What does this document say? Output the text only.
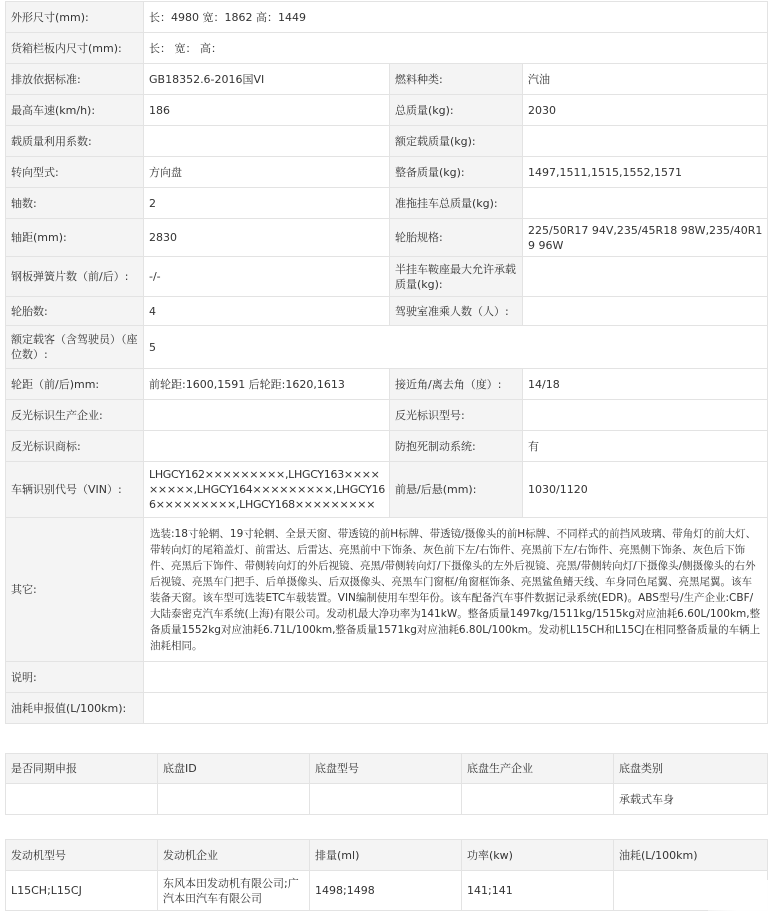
外形尺寸(mm):	长：4980 宽：1862 高：1449		
货箱栏板内尺寸(mm):	长： 宽： 高：		
排放依据标准:	GB18352.6-2016国VI	燃料种类:	汽油
最高车速(km/h):	186	总质量(kg):	2030
载质量利用系数:		额定载质量(kg):	
转向型式:	方向盘	整备质量(kg):	1497,1511,1515,1552,1571
轴数:	2	准拖挂车总质量(kg):	
轴距(mm):	2830	轮胎规格:	225/50R17 94V,235/45R18 98W,235/40R19 96W
钢板弹簧片数（前/后）:	-/-	半挂车鞍座最大允许承载质量(kg):	
轮胎数:	4	驾驶室准乘人数（人）:	
额定载客（含驾驶员）（座位数）:	5		
轮距（前/后)mm:	前轮距:1600,1591 后轮距:1620,1613	接近角/离去角（度）:	14/18
反光标识生产企业:		反光标识型号:	
反光标识商标:		防抱死制动系统:	有
车辆识别代号（VIN）:	LHGCY162×××××××××,LHGCY163×××××××××,LHGCY164×××××××××,LHGCY166×××××××××,LHGCY168×××××××××	前悬/后悬(mm):	1030/1120
其它:	选装:18寸轮辋、19寸轮辋、全景天窗、带透镜的前H标牌、带透镜/摄像头的前H标牌、不同样式的前挡风玻璃、带角灯的前大灯、带转向灯的尾箱盖灯、前雷达、后雷达、亮黑前中下饰条、灰色前下左/右饰件、亮黑前下左/右饰件、亮黑侧下饰条、灰色后下饰件、亮黑后下饰件、带侧转向灯的外后视镜、亮黑/带侧转向灯/下摄像头的左外后视镜、亮黑/带侧转向灯/下摄像头/侧摄像头的右外后视镜、亮黑车门把手、后单摄像头、后双摄像头、亮黑车门窗框/角窗框饰条、亮黑鲨鱼鳍天线、车身同色尾翼、亮黑尾翼。该车装备天窗。该车型可选装ETC车载装置。VIN编制使用车型年份。该车配备汽车事件数据记录系统(EDR)。ABS型号/生产企业:CBF/大陆泰密克汽车系统(上海)有限公司。发动机最大净功率为141kW。整备质量1497kg/1511kg/1515kg对应油耗6.60L/100km,整备质量1552kg对应油耗6.71L/100km,整备质量1571kg对应油耗6.80L/100km。发动机L15CH和L15CJ在相同整备质量的车辆上油耗相同。		
说明:			
油耗申报值(L/100km):			
是否同期申报	底盘ID	底盘型号	底盘生产企业	底盘类别
				承载式车身
发动机型号	发动机企业	排量(ml)	功率(kw)	油耗(L/100km)
L15CH;L15CJ	东风本田发动机有限公司;广汽本田汽车有限公司	1498;1498	141;141	
